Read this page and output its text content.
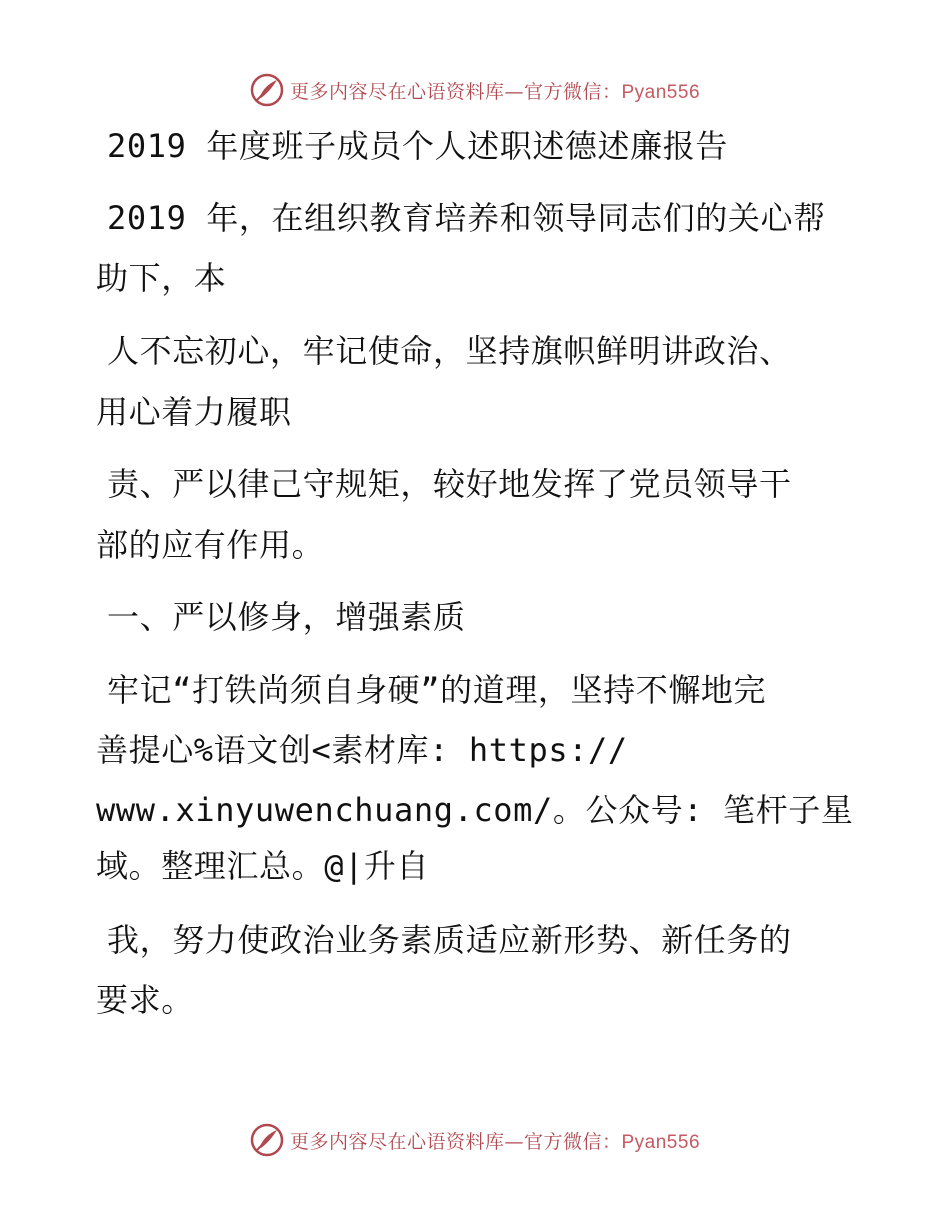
更多内容尽在心语资料库—官方微信：Pyan556
2019 年度班子成员个人述职述德述廉报告
2019 年，在组织教育培养和领导同志们的关心帮
助下，本
人不忘初心，牢记使命，坚持旗帜鲜明讲政治、
用心着力履职
责、严以律己守规矩，较好地发挥了党员领导干
部的应有作用。
一、严以修身，增强素质
牢记“打铁尚须自身硬”的道理，坚持不懈地完
善提心%语文创<素材库: https://
www.xinyuwenchuang.com/。公众号: 笔杆子星
域。整理汇总。@|升自
我，努力使政治业务素质适应新形势、新任务的
要求。
更多内容尽在心语资料库—官方微信：Pyan556
